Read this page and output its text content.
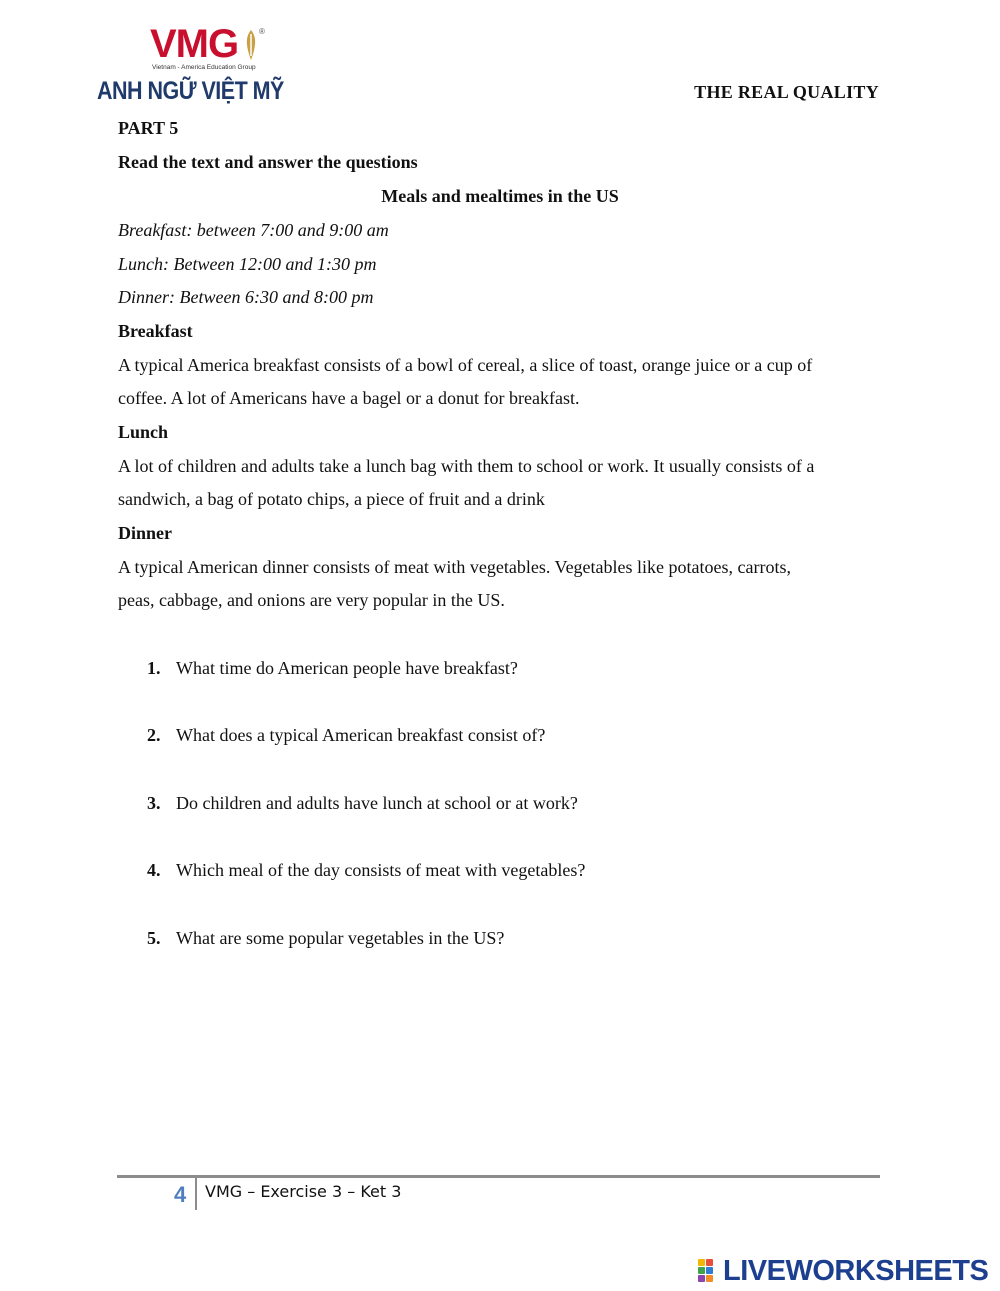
VMG	®
Vietnam - America Education Group
ANH NGỮ VIỆT MỸ	THE REAL QUALITY
PART 5
Read the text and answer the questions
Meals and mealtimes in the US
Breakfast: between 7:00 and 9:00 am
Lunch: Between 12:00 and 1:30 pm
Dinner: Between 6:30 and 8:00 pm
Breakfast
A typical America breakfast consists of a bowl of cereal, a slice of toast, orange juice or a cup of
coffee. A lot of Americans have a bagel or a donut for breakfast.
Lunch
A lot of children and adults take a lunch bag with them to school or work. It usually consists of a
sandwich, a bag of potato chips, a piece of fruit and a drink
Dinner
A typical American dinner consists of meat with vegetables. Vegetables like potatoes, carrots,
peas, cabbage, and onions are very popular in the US.
1. What time do American people have breakfast?
2. What does a typical American breakfast consist of?
3. Do children and adults have lunch at school or at work?
4. Which meal of the day consists of meat with vegetables?
5. What are some popular vegetables in the US?
4 VMG – Exercise 3 – Ket 3
LIVEWORKSHEETS
